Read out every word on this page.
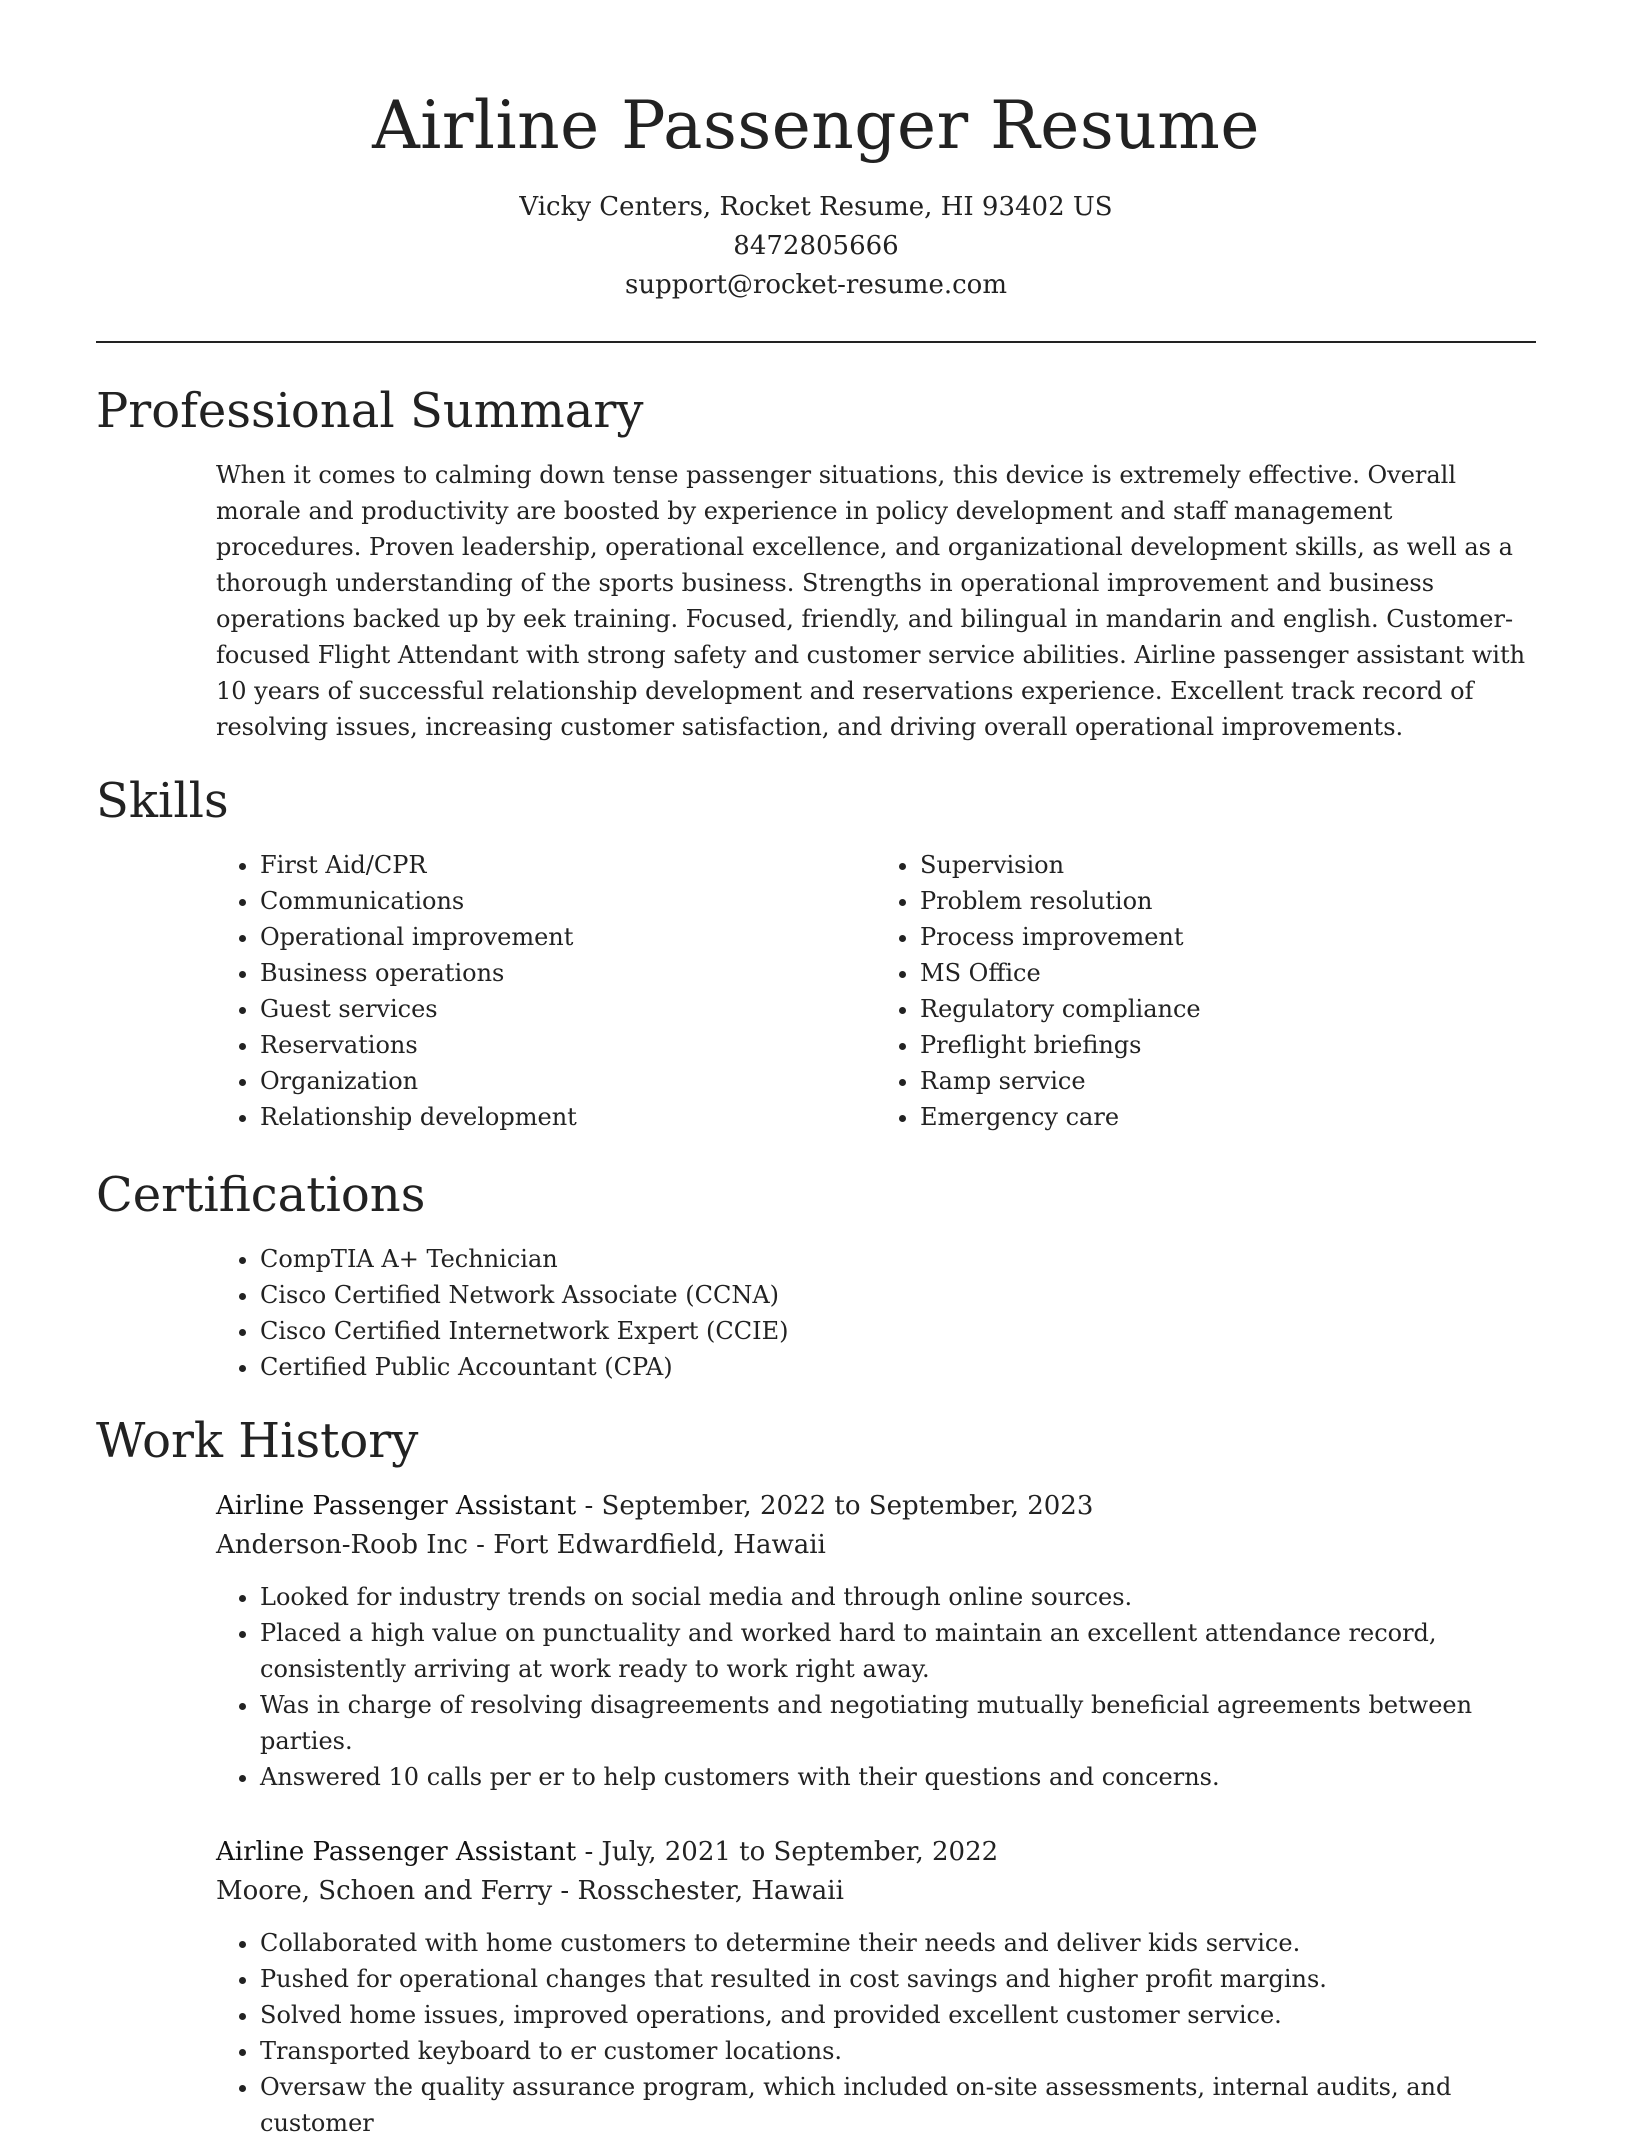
Airline Passenger Resume

Vicky Centers, Rocket Resume, HI 93402 US

8472805666

support@rocket-resume.com

Professional Summary

When it comes to calming down tense passenger situations, this device is extremely effective. Overall morale and productivity are boosted by experience in policy development and staff management procedures. Proven leadership, operational excellence, and organizational development skills, as well as a thorough understanding of the sports business. Strengths in operational improvement and business operations backed up by eek training. Focused, friendly, and bilingual in mandarin and english. Customer-focused Flight Attendant with strong safety and customer service abilities. Airline passenger assistant with 10 years of successful relationship development and reservations experience. Excellent track record of resolving issues, increasing customer satisfaction, and driving overall operational improvements.

Skills
• First Aid/CPR
• Communications
• Operational improvement
• Business operations
• Guest services
• Reservations
• Organization
• Relationship development
• Supervision
• Problem resolution
• Process improvement
• MS Office
• Regulatory compliance
• Preflight briefings
• Ramp service
• Emergency care
Certifications
• CompTIA A+ Technician
• Cisco Certified Network Associate (CCNA)
• Cisco Certified Internetwork Expert (CCIE)
• Certified Public Accountant (CPA)
Work History

Airline Passenger Assistant - September, 2022 to September, 2023

Anderson-Roob Inc - Fort Edwardfield, Hawaii

• Looked for industry trends on social media and through online sources.
• Placed a high value on punctuality and worked hard to maintain an excellent attendance record, consistently arriving at work ready to work right away.
• Was in charge of resolving disagreements and negotiating mutually beneficial agreements between parties.
• Answered 10 calls per er to help customers with their questions and concerns.

Airline Passenger Assistant - July, 2021 to September, 2022

Moore, Schoen and Ferry - Rosschester, Hawaii

• Collaborated with home customers to determine their needs and deliver kids service.
• Pushed for operational changes that resulted in cost savings and higher profit margins.
• Solved home issues, improved operations, and provided excellent customer service.
• Transported keyboard to er customer locations.
• Oversaw the quality assurance program, which included on-site assessments, internal audits, and customer
